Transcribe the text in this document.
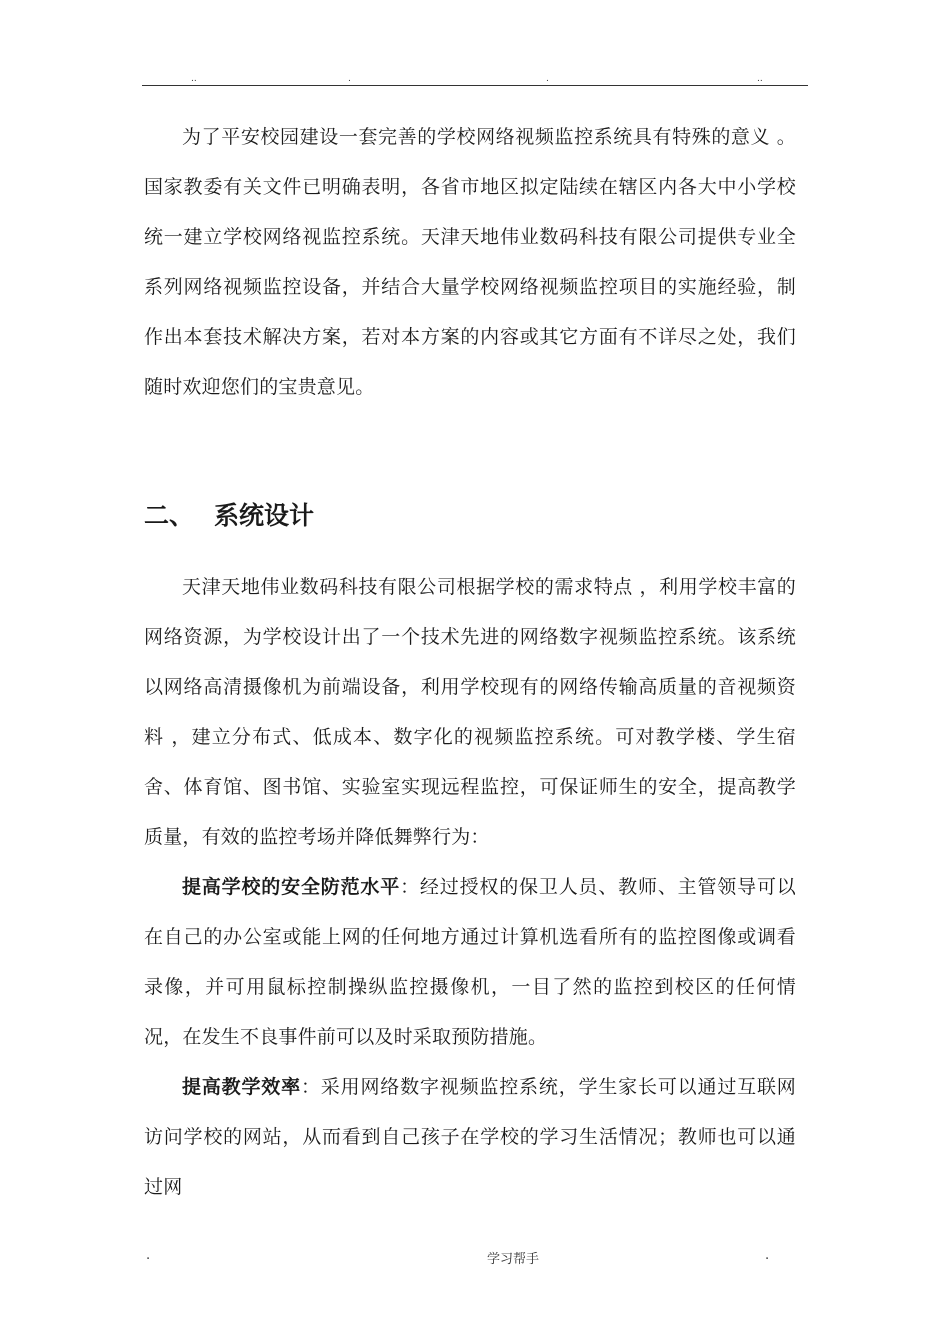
..	.	.	..

为了平安校园建设一套完善的学校网络视频监控系统具有特殊的意义 。国家教委有关文件已明确表明，各省市地区拟定陆续在辖区内各大中小学校统一建立学校网络视监控系统。天津天地伟业数码科技有限公司提供专业全系列网络视频监控设备，并结合大量学校网络视频监控项目的实施经验，制作出本套技术解决方案，若对本方案的内容或其它方面有不详尽之处，我们随时欢迎您们的宝贵意见。

二、 系统设计

天津天地伟业数码科技有限公司根据学校的需求特点 ，利用学校丰富的网络资源，为学校设计出了一个技术先进的网络数字视频监控系统。该系统以网络高清摄像机为前端设备，利用学校现有的网络传输高质量的音视频资料 ，建立分布式、低成本、数字化的视频监控系统。可对教学楼、学生宿舍、体育馆、图书馆、实验室实现远程监控，可保证师生的安全，提高教学质量，有效的监控考场并降低舞弊行为：

提高学校的安全防范水平：经过授权的保卫人员、教师、主管领导可以在自己的办公室或能上网的任何地方通过计算机选看所有的监控图像或调看录像，并可用鼠标控制操纵监控摄像机，一目了然的监控到校区的任何情况，在发生不良事件前可以及时采取预防措施。

提高教学效率：采用网络数字视频监控系统，学生家长可以通过互联网访问学校的网站，从而看到自己孩子在学校的学习生活情况；教师也可以通过网

.	学习帮手	.
